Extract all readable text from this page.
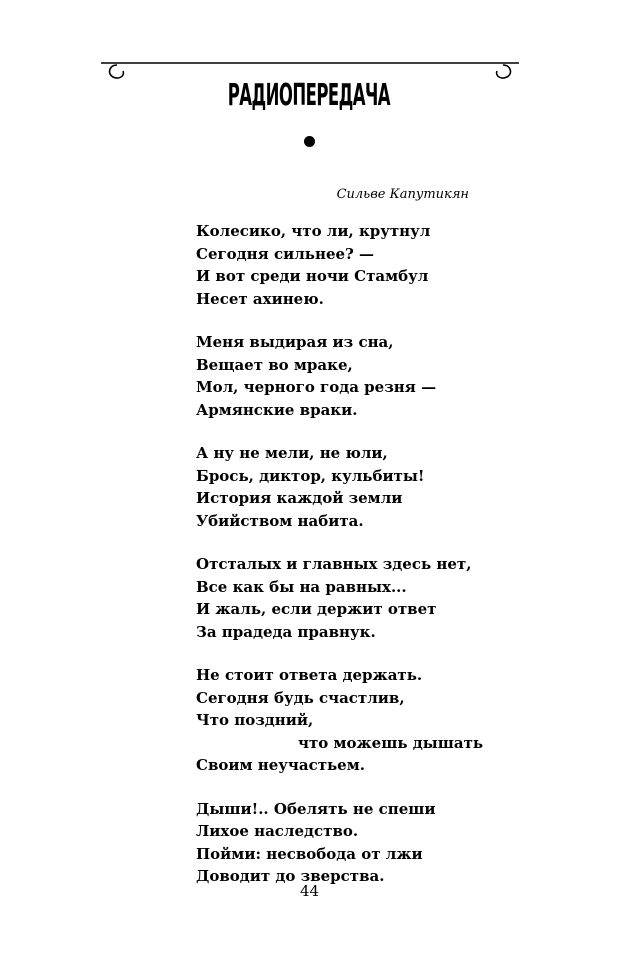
РАДИОПЕРЕДАЧА
Сильве Капутикян
Колесико, что ли, крутнул
Сегодня сильнее? —
И вот среди ночи Стамбул
Несет ахинею.
Меня выдирая из сна,
Вещает во мраке,
Мол, черного года резня —
Армянские враки.
А ну не мели, не юли,
Брось, диктор, кульбиты!
История каждой земли
Убийством набита.
Отсталых и главных здесь нет,
Все как бы на равных...
И жаль, если держит ответ
За прадеда правнук.
Не стоит ответа держать.
Сегодня будь счастлив,
Что поздний,
что можешь дышать
Своим неучастьем.
Дыши!.. Обелять не спеши
Лихое наследство.
Пойми: несвобода от лжи
Доводит до зверства.
44
